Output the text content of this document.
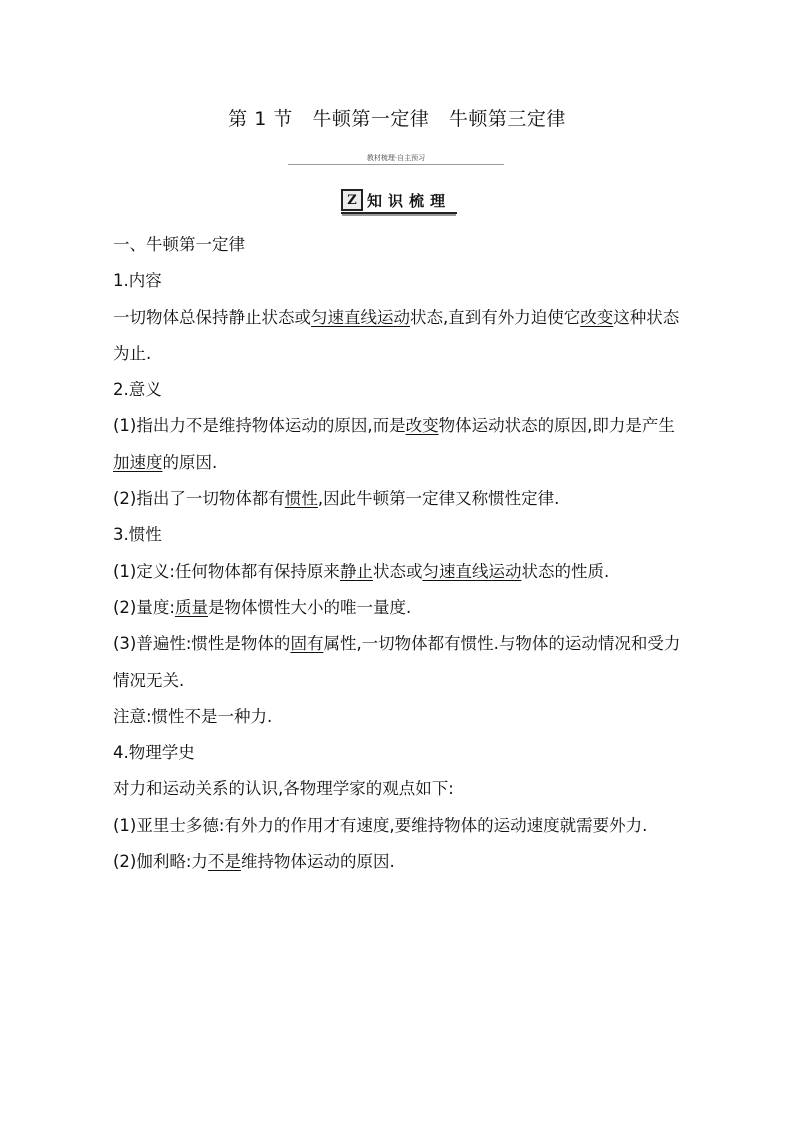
第 1 节　牛顿第一定律　牛顿第三定律
教材梳理·自主预习
Z 知识梳理

一、牛顿第一定律

1.内容

一切物体总保持静止状态或匀速直线运动状态,直到有外力迫使它改变这种状态为止.

2.意义

(1)指出力不是维持物体运动的原因,而是改变物体运动状态的原因,即力是产生加速度的原因.

(2)指出了一切物体都有惯性,因此牛顿第一定律又称惯性定律.

3.惯性

(1)定义:任何物体都有保持原来静止状态或匀速直线运动状态的性质.

(2)量度:质量是物体惯性大小的唯一量度.

(3)普遍性:惯性是物体的固有属性,一切物体都有惯性.与物体的运动情况和受力情况无关.

注意:惯性不是一种力.

4.物理学史

对力和运动关系的认识,各物理学家的观点如下:

(1)亚里士多德:有外力的作用才有速度,要维持物体的运动速度就需要外力.

(2)伽利略:力不是维持物体运动的原因.
